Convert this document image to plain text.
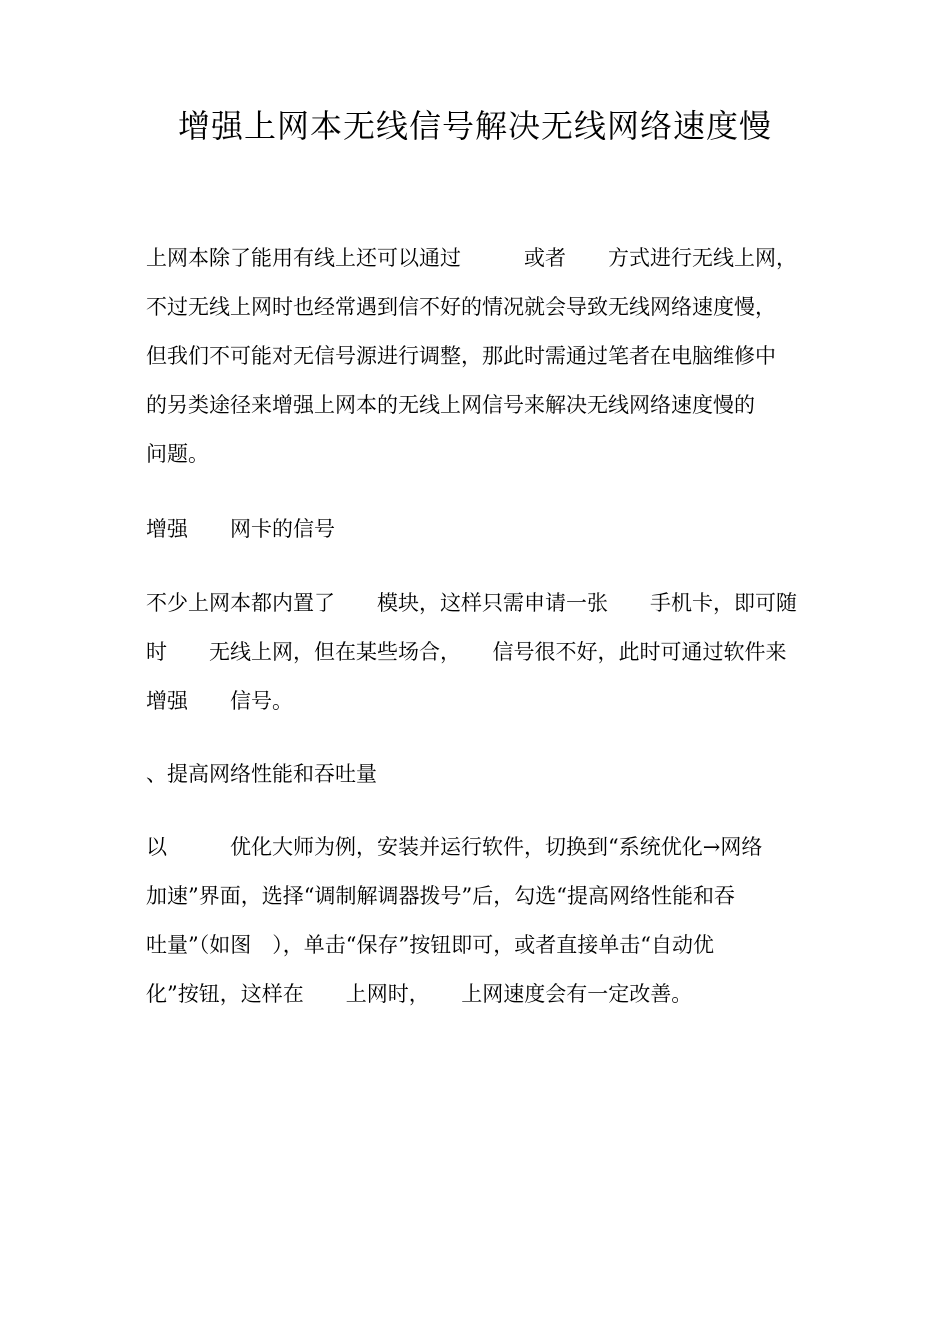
增强上网本无线信号解决无线网络速度慢
上网本除了能用有线上还可以通过　　　或者　　方式进行无线上网，
不过无线上网时也经常遇到信不好的情况就会导致无线网络速度慢，
但我们不可能对无信号源进行调整，那此时需通过笔者在电脑维修中
的另类途径来增强上网本的无线上网信号来解决无线网络速度慢的
问题。
增强　　网卡的信号
不少上网本都内置了　　模块，这样只需申请一张　　手机卡，即可随
时　　无线上网，但在某些场合，　　信号很不好，此时可通过软件来
增强　　信号。
、提高网络性能和吞吐量
以　　　优化大师为例，安装并运行软件，切换到“系统优化→网络
加速”界面，选择“调制解调器拨号”后，勾选“提高网络性能和吞
吐量”（如图　），单击“保存”按钮即可，或者直接单击“自动优
化”按钮，这样在　　上网时，　　上网速度会有一定改善。
